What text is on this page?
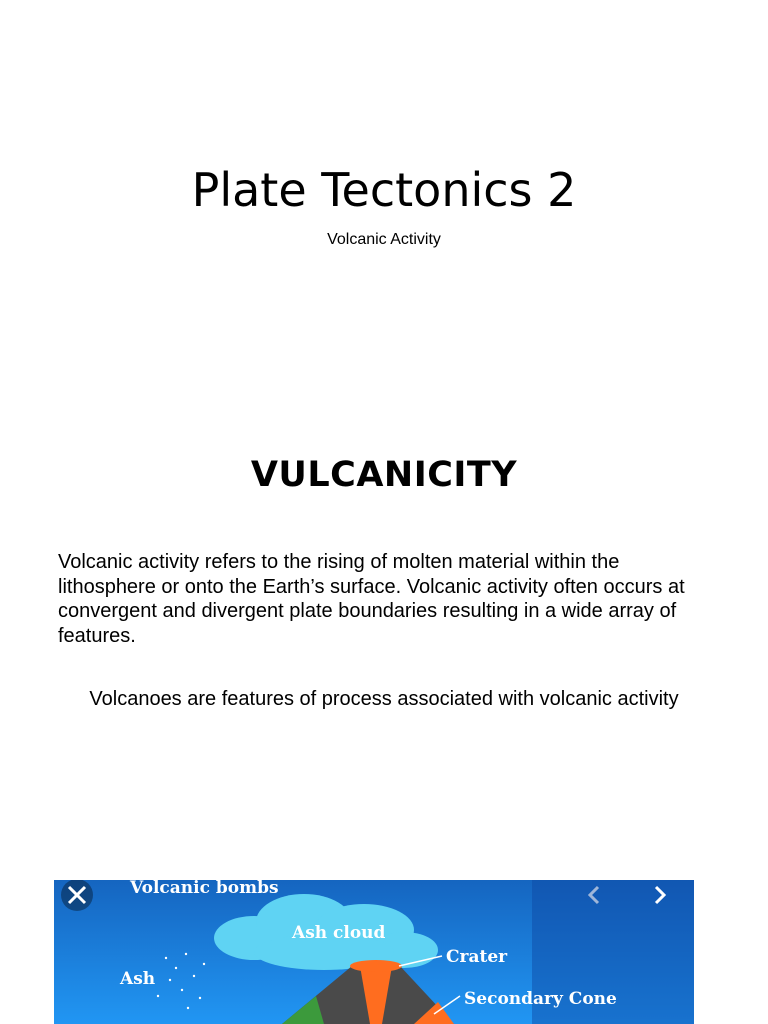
Plate Tectonics 2
Volcanic Activity
VULCANICITY

Volcanic activity refers to the rising of molten material within the lithosphere or onto the Earth’s surface. Volcanic activity often occurs at convergent and divergent plate boundaries resulting in a wide array of features.

Volcanoes are features of process associated with volcanic activity
Volcanic bombs
Ash cloud
Ash
Crater
Secondary Cone
